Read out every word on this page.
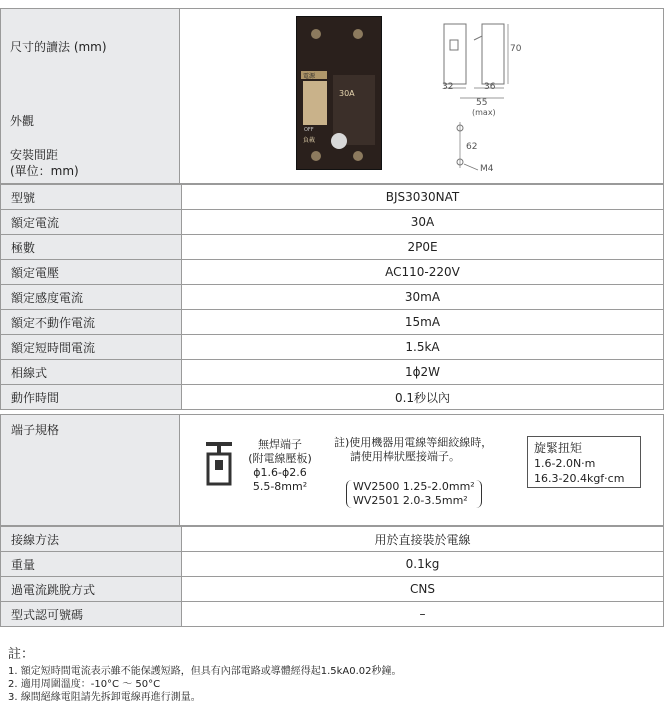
尺寸的讀法 (mm)
外觀
安裝間距
(單位：mm)
電源
OFF
30A
負載
70
32	36
55
(max)
62
M4
型號	BJS3030NAT
額定電流	30A
極數	2P0E
額定電壓	AC110-220V
額定感度電流	30mA
額定不動作電流	15mA
額定短時間電流	1.5kA
相線式	1ϕ2W
動作時間	0.1秒以內
端子規格
無焊端子
(附電線壓板)
ϕ1.6-ϕ2.6
5.5-8mm²
註)使用機器用電線等細絞線時，
請使用棒狀壓接端子。
WV2500 1.25-2.0mm²
WV2501 2.0-3.5mm²
旋緊扭矩
1.6-2.0N·m
16.3-20.4kgf·cm
接線方法	用於直接裝於電線
重量	0.1kg
過電流跳脫方式	CNS
型式認可號碼	–
註：
1. 額定短時間電流表示雖不能保護短路，但具有內部電路或導體經得起1.5kA0.02秒鐘。
2. 適用周圍溫度：-10°C ～ 50°C
3. 線間絕緣電阻請先拆卸電線再進行測量。
